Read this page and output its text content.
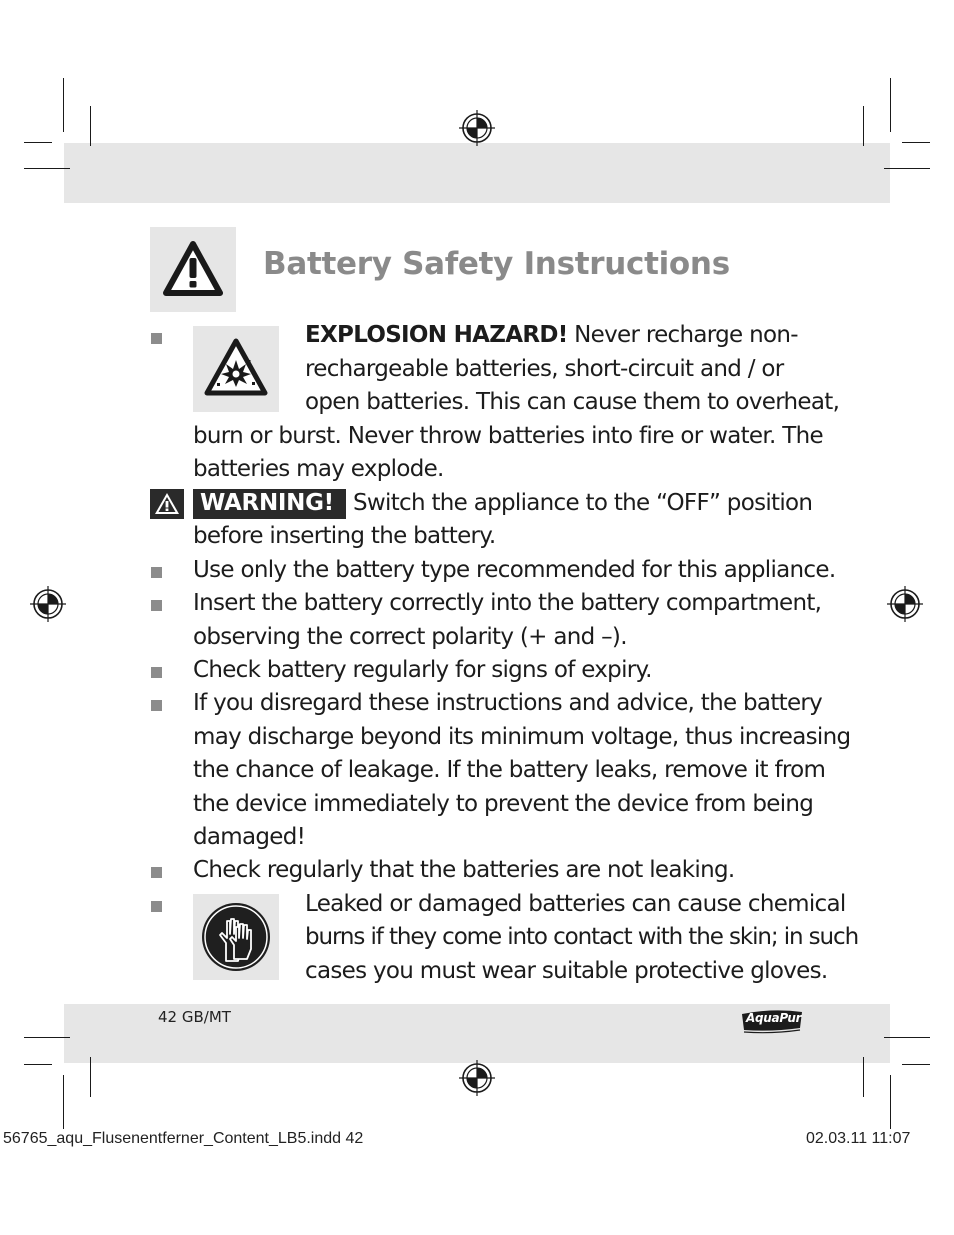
Battery Safety Instructions
EXPLOSION HAZARD! Never recharge non-
rechargeable batteries, short-circuit and / or
open batteries. This can cause them to overheat,
burn or burst. Never throw batteries into fire or water. The
batteries may explode.
WARNING! Switch the appliance to the “OFF” position
before inserting the battery.
Use only the battery type recommended for this appliance.
Insert the battery correctly into the battery compartment,
observing the correct polarity (+ and –).
Check battery regularly for signs of expiry.
If you disregard these instructions and advice, the battery
may discharge beyond its minimum voltage, thus increasing
the chance of leakage. If the battery leaks, remove it from
the device immediately to prevent the device from being
damaged!
Check regularly that the batteries are not leaking.
Leaked or damaged batteries can cause chemical
burns if they come into contact with the skin; in such
cases you must wear suitable protective gloves.
42 GB/MT	AquaPur
56765_aqu_Flusenentferner_Content_LB5.indd 42	02.03.11 11:07
